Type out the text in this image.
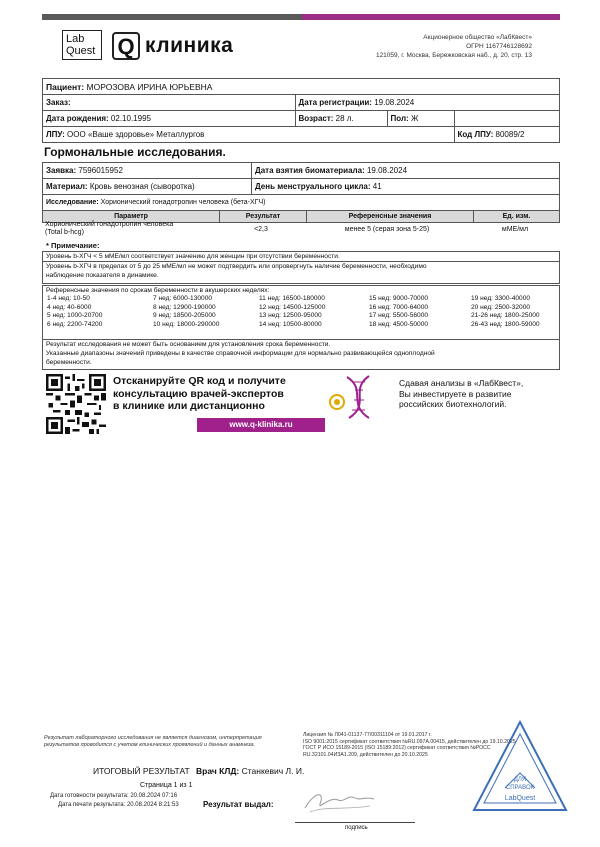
Lab
Quest Q клиника	Акционерное общество «ЛабКвест»
ОГРН 1167746128692
121059, г. Москва, Бережковская наб., д. 20, стр. 13
Пациент: МОРОЗОВА ИРИНА ЮРЬЕВНА			
Заказ:	Дата регистрации: 19.08.2024		
Дата рождения: 02.10.1995	Возраст: 28 л.	Пол: Ж	
ЛПУ: ООО «Ваше здоровье» Металлургов			Код ЛПУ: 80089/2
Гормональные исследования.
Заявка: 7596015952	Дата взятия биоматериала: 19.08.2024
Материал: Кровь венозная (сыворотка)	День менструального цикла: 41
Исследование: Хорионический гонадотропин человека (бета-ХГЧ)
Параметр	Результат	Референсные значения	Ед. изм.
Хорионический гонадотропин человека
(Total b-hcg)	<2,3	менее 5 (серая зона 5-25)	мМЕ/мл
* Примечание:
Уровень b-ХГЧ < 5 мМЕ/мл соответствует значению для женщин при отсутствии беременности.
Уровень b-ХГЧ в пределах от 5 до 25 мМЕ/мл не может подтвердить или опровергнуть наличие беременности, необходимо
наблюдение показателя в динамике.
Референсные значения по срокам беременности в акушерских неделях:
1-4 нед: 10-50	7 нед: 6000-130000	11 нед: 16500-180000	15 нед: 9000-70000	19 нед: 3300-40000
4 нед: 40-6000	8 нед: 12900-190000	12 нед: 14500-125000	16 нед: 7000-64000	20 нед: 2500-32000
5 нед: 1000-20700	9 нед: 18500-205000	13 нед: 12500-95000	17 нед: 5500-56000	21-26 нед: 1800-25000
6 нед: 2200-74200	10 нед: 18000-290000	14 нед: 10500-80000	18 нед: 4500-50000	26-43 нед: 1800-59000
Результат исследования не может быть основанием для установления срока беременности.
Указанные диапазоны значений приведены в качестве справочной информации для нормально развивающейся одноплодной
беременности.
Отсканируйте QR код и получите
консультацию врачей-экспертов
в клинике или дистанционно
www.q-klinika.ru
Сдавая анализы в «ЛабКвест»,
Вы инвестируете в развитие
российских биотехнологий.
Результат лабораторного исследования не является диагнозом, интерпретация
результатов проводится с учетом клинических проявлений и данных анамнеза.
Лицензия № Л041-01137-77/00311104 от 19.01.2017 г.
ISO 9001:2015 сертификат соответствия №RU.097А.00415, действителен до 19.10.2025
ГОСТ Р ИСО 15189-2015 (ISO 15189:2012) сертификат соответствия №РОСС
RU.32101.04ИЗА1.209, действителен до 20.10.2025
ИТОГОВЫЙ РЕЗУЛЬТАТ Врач КЛД: Станкевич Л. И.
Страница 1 из 1
Дата готовности результата: 20.08.2024 07:16
Дата печати результата: 20.08.2024 8:21:53	Результат выдал:
подпись
ДЛЯ
СПРАВОК
LabQuest
